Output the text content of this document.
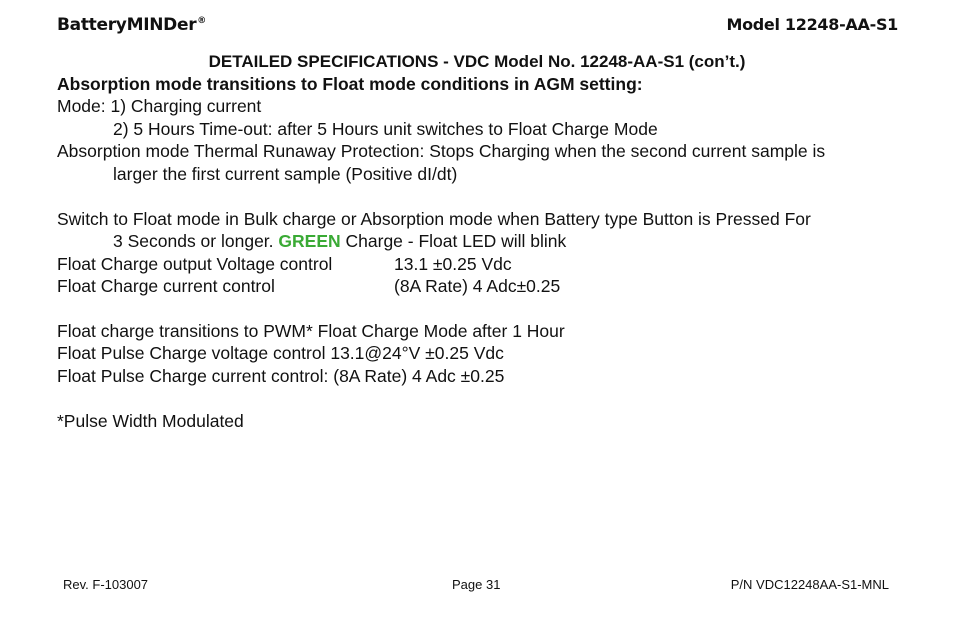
BatteryMINDer®	Model 12248-AA-S1
DETAILED SPECIFICATIONS - VDC Model No. 12248-AA-S1 (con’t.)
Absorption mode transitions to Float mode conditions in AGM setting:
Mode: 1) Charging current
2) 5 Hours Time-out: after 5 Hours unit switches to Float Charge Mode
Absorption mode Thermal Runaway Protection: Stops Charging when the second current sample is
larger the first current sample (Positive dI/dt)
Switch to Float mode in Bulk charge or Absorption mode when Battery type Button is Pressed For
3 Seconds or longer. GREEN Charge - Float LED will blink
Float Charge output Voltage control	13.1 ±0.25 Vdc
Float Charge current control	(8A Rate) 4 Adc±0.25
Float charge transitions to PWM* Float Charge Mode after 1 Hour
Float Pulse Charge voltage control 13.1@24°V ±0.25 Vdc
Float Pulse Charge current control: (8A Rate) 4 Adc ±0.25
*Pulse Width Modulated
Rev. F-103007	Page 31	P/N VDC12248AA-S1-MNL
